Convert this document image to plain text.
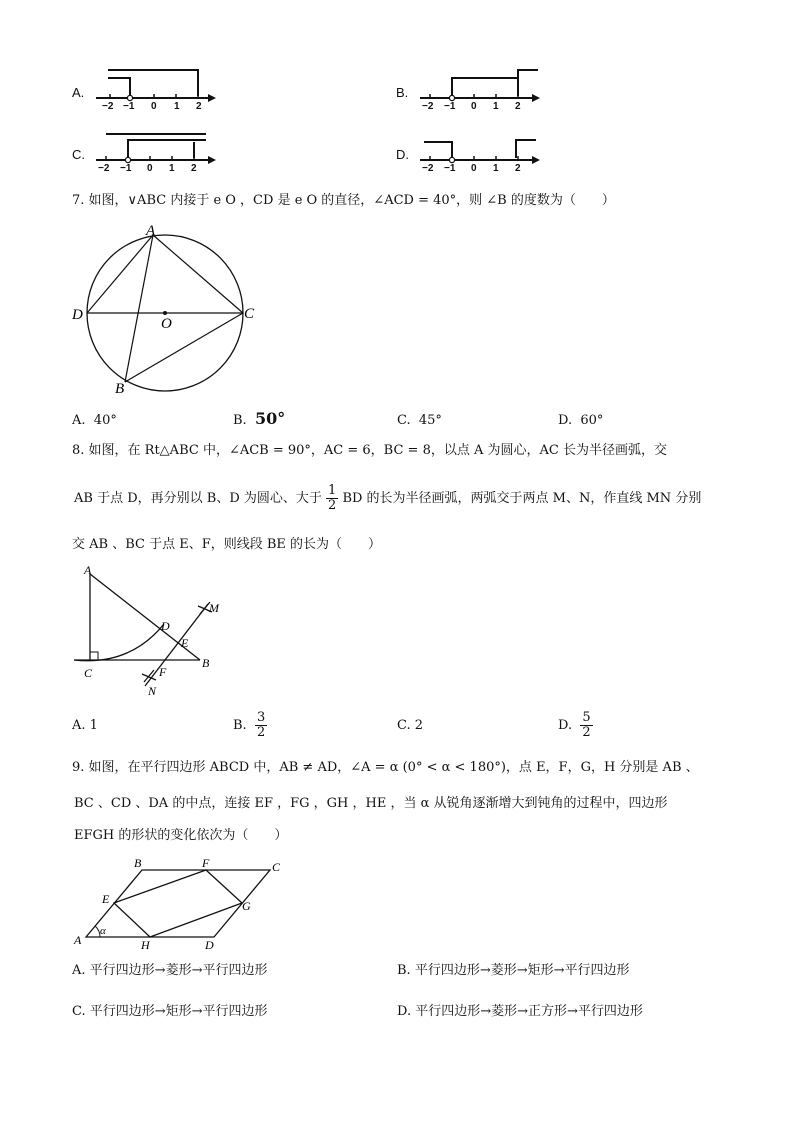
A.
−2 −1 0 1 2
B.
−2 −1 0 1 2
C.
−2 −1 0 1 2
D.
−2 −1 0 1 2
7. 如图，∨ABC 内接于 e O ，CD 是 e O 的直径，∠ACD = 40°，则 ∠B 的度数为（　　）
A
D	C
O
B
A. 40°	B. 50°	C. 45°	D. 60°
8. 如图，在 Rt△ABC 中，∠ACB = 90°，AC = 6，BC = 8，以点 A 为圆心，AC 长为半径画弧，交
AB 于点 D，再分别以 B、D 为圆心、大于 $\frac{1}{2}$ BD 的长为半径画弧，两弧交于两点 M、N，作直线 MN 分别
交 AB 、BC 于点 E、F，则线段 BE 的长为（　　）
A
C
B
D
E
F
M
N
A. 1	B. $\frac{3}{2}$	C. 2	D. $\frac{5}{2}$
9. 如图，在平行四边形 ABCD 中，AB ≠ AD，∠A = α (0° < α < 180°)，点 E，F，G，H 分别是 AB 、
BC 、CD 、DA 的中点，连接 EF ，FG ，GH ，HE ，当 α 从锐角逐渐增大到钝角的过程中，四边形
EFGH 的形状的变化依次为（　　）
A
B	F	C
E	G
H	D
α
A. 平行四边形→菱形→平行四边形	B. 平行四边形→菱形→矩形→平行四边形
C. 平行四边形→矩形→平行四边形	D. 平行四边形→菱形→正方形→平行四边形
